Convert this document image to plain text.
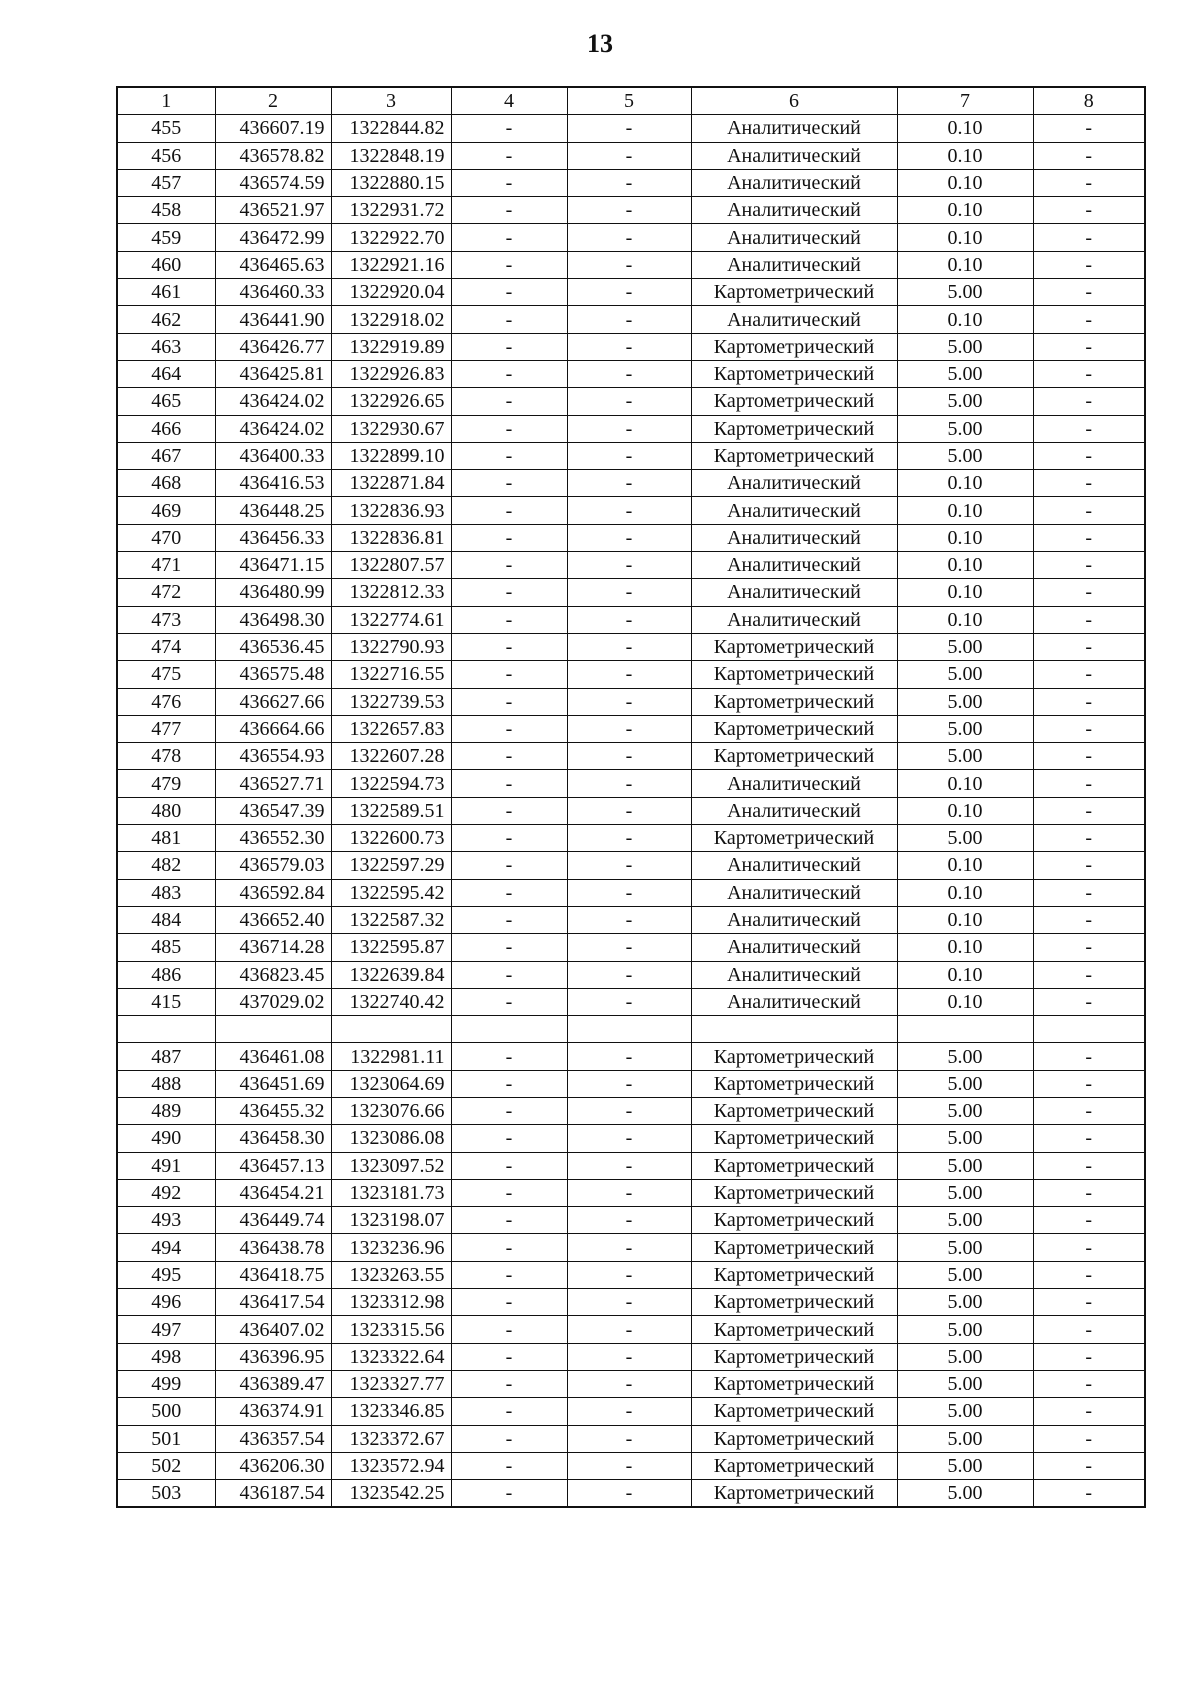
13
1	2	3	4	5	6	7	8
455	436607.19	1322844.82	-	-	Аналитический	0.10	-
456	436578.82	1322848.19	-	-	Аналитический	0.10	-
457	436574.59	1322880.15	-	-	Аналитический	0.10	-
458	436521.97	1322931.72	-	-	Аналитический	0.10	-
459	436472.99	1322922.70	-	-	Аналитический	0.10	-
460	436465.63	1322921.16	-	-	Аналитический	0.10	-
461	436460.33	1322920.04	-	-	Картометрический	5.00	-
462	436441.90	1322918.02	-	-	Аналитический	0.10	-
463	436426.77	1322919.89	-	-	Картометрический	5.00	-
464	436425.81	1322926.83	-	-	Картометрический	5.00	-
465	436424.02	1322926.65	-	-	Картометрический	5.00	-
466	436424.02	1322930.67	-	-	Картометрический	5.00	-
467	436400.33	1322899.10	-	-	Картометрический	5.00	-
468	436416.53	1322871.84	-	-	Аналитический	0.10	-
469	436448.25	1322836.93	-	-	Аналитический	0.10	-
470	436456.33	1322836.81	-	-	Аналитический	0.10	-
471	436471.15	1322807.57	-	-	Аналитический	0.10	-
472	436480.99	1322812.33	-	-	Аналитический	0.10	-
473	436498.30	1322774.61	-	-	Аналитический	0.10	-
474	436536.45	1322790.93	-	-	Картометрический	5.00	-
475	436575.48	1322716.55	-	-	Картометрический	5.00	-
476	436627.66	1322739.53	-	-	Картометрический	5.00	-
477	436664.66	1322657.83	-	-	Картометрический	5.00	-
478	436554.93	1322607.28	-	-	Картометрический	5.00	-
479	436527.71	1322594.73	-	-	Аналитический	0.10	-
480	436547.39	1322589.51	-	-	Аналитический	0.10	-
481	436552.30	1322600.73	-	-	Картометрический	5.00	-
482	436579.03	1322597.29	-	-	Аналитический	0.10	-
483	436592.84	1322595.42	-	-	Аналитический	0.10	-
484	436652.40	1322587.32	-	-	Аналитический	0.10	-
485	436714.28	1322595.87	-	-	Аналитический	0.10	-
486	436823.45	1322639.84	-	-	Аналитический	0.10	-
415	437029.02	1322740.42	-	-	Аналитический	0.10	-

487	436461.08	1322981.11	-	-	Картометрический	5.00	-
488	436451.69	1323064.69	-	-	Картометрический	5.00	-
489	436455.32	1323076.66	-	-	Картометрический	5.00	-
490	436458.30	1323086.08	-	-	Картометрический	5.00	-
491	436457.13	1323097.52	-	-	Картометрический	5.00	-
492	436454.21	1323181.73	-	-	Картометрический	5.00	-
493	436449.74	1323198.07	-	-	Картометрический	5.00	-
494	436438.78	1323236.96	-	-	Картометрический	5.00	-
495	436418.75	1323263.55	-	-	Картометрический	5.00	-
496	436417.54	1323312.98	-	-	Картометрический	5.00	-
497	436407.02	1323315.56	-	-	Картометрический	5.00	-
498	436396.95	1323322.64	-	-	Картометрический	5.00	-
499	436389.47	1323327.77	-	-	Картометрический	5.00	-
500	436374.91	1323346.85	-	-	Картометрический	5.00	-
501	436357.54	1323372.67	-	-	Картометрический	5.00	-
502	436206.30	1323572.94	-	-	Картометрический	5.00	-
503	436187.54	1323542.25	-	-	Картометрический	5.00	-
